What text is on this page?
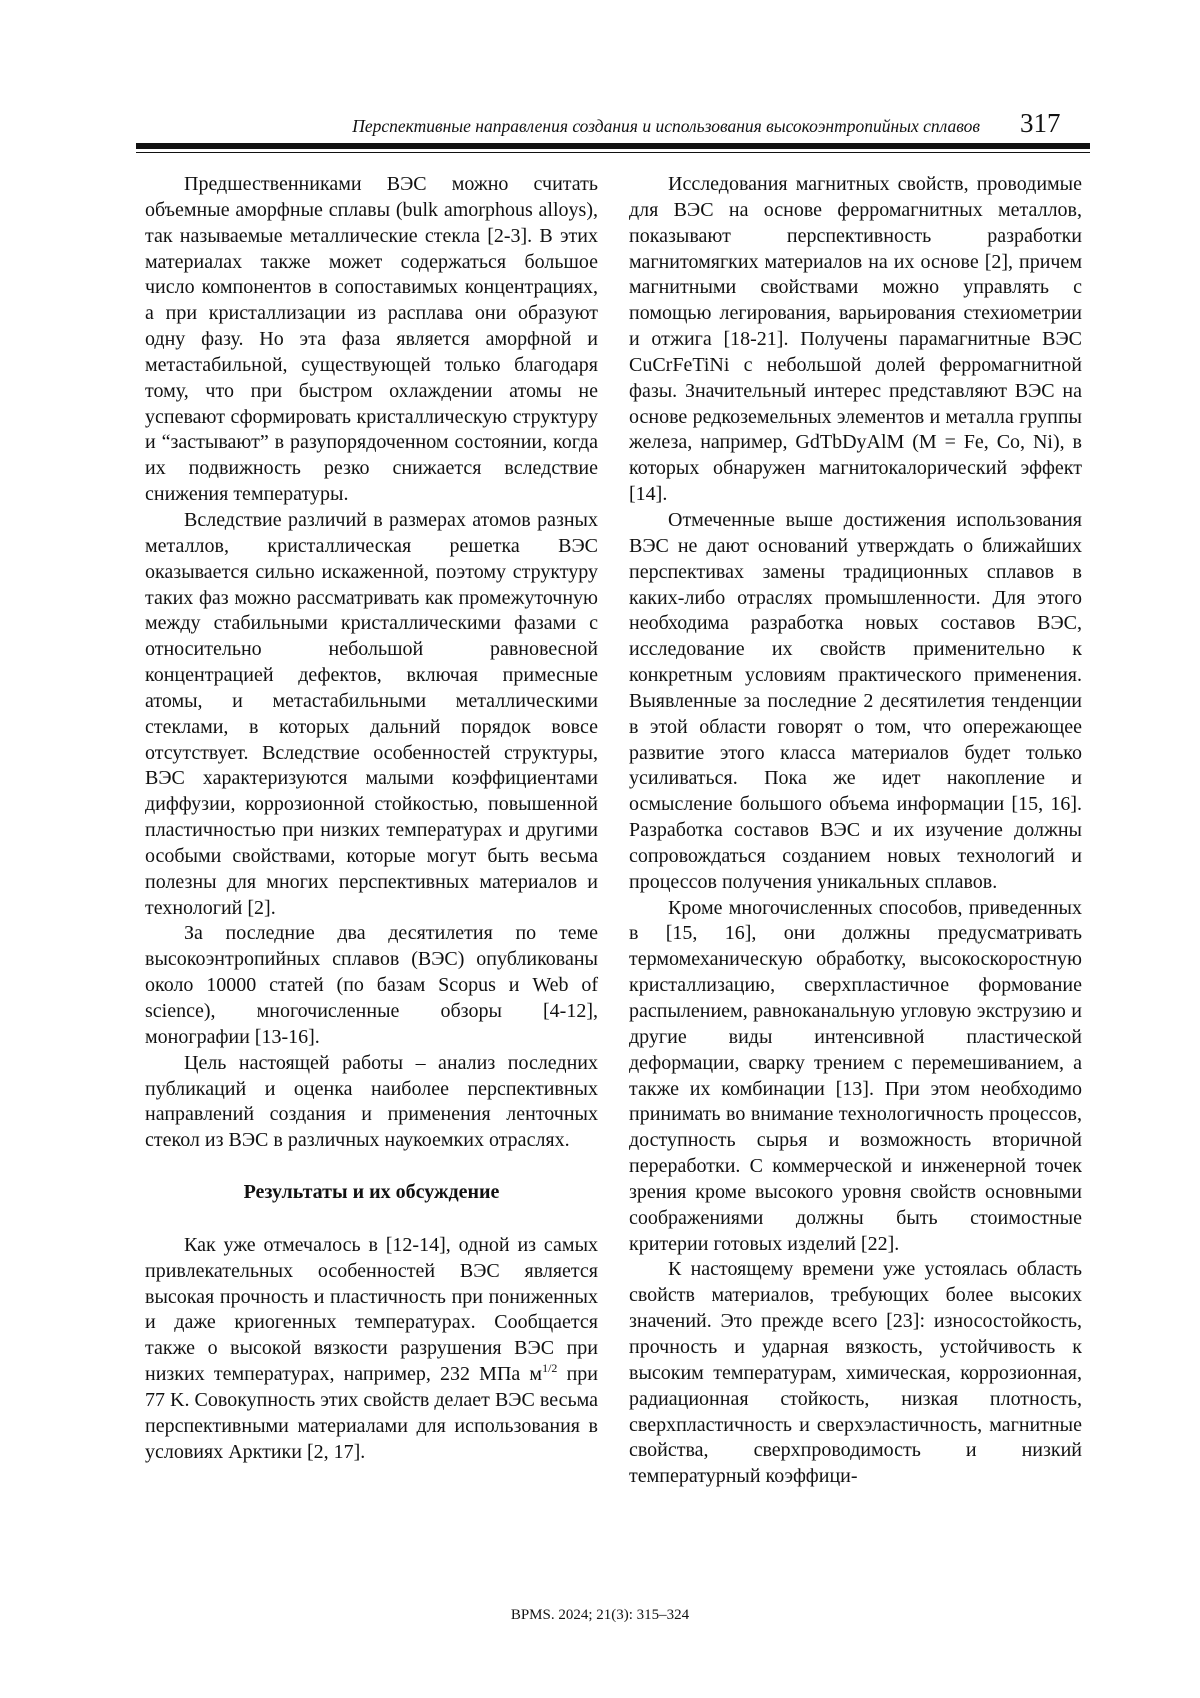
Перспективные направления создания и использования высокоэнтропийных сплавов 317

Предшественниками ВЭС можно считать объемные аморфные сплавы (bulk amorphous alloys), так называемые металлические стекла [2-3]. В этих материалах также может содержаться большое число компонентов в сопоставимых концентрациях, а при кристаллизации из расплава они образуют одну фазу. Но эта фаза является аморфной и метастабильной, существующей только благодаря тому, что при быстром охлаждении атомы не успевают сформировать кристаллическую структуру и “застывают” в разупорядоченном состоянии, когда их подвижность резко снижается вследствие снижения температуры.

Вследствие различий в размерах атомов разных металлов, кристаллическая решетка ВЭС оказывается сильно искаженной, поэтому структуру таких фаз можно рассматривать как промежуточную между стабильными кристаллическими фазами с относительно небольшой равновесной концентрацией дефектов, включая примесные атомы, и метастабильными металлическими стеклами, в которых дальний порядок вовсе отсутствует. Вследствие особенностей структуры, ВЭС характеризуются малыми коэффициентами диффузии, коррозионной стойкостью, повышенной пластичностью при низких температурах и другими особыми свойствами, которые могут быть весьма полезны для многих перспективных материалов и технологий [2].

За последние два десятилетия по теме высокоэнтропийных сплавов (ВЭС) опубликованы около 10000 статей (по базам Scopus и Web of science), многочисленные обзоры [4-12], монографии [13-16].

Цель настоящей работы – анализ последних публикаций и оценка наиболее перспективных направлений создания и применения ленточных стекол из ВЭС в различных наукоемких отраслях.

Результаты и их обсуждение

Как уже отмечалось в [12-14], одной из самых привлекательных особенностей ВЭС является высокая прочность и пластичность при пониженных и даже криогенных температурах. Сообщается также о высокой вязкости разрушения ВЭС при низких температурах, например, 232 МПа $м^{1/2}$ при 77 K. Совокупность этих свойств делает ВЭС весьма перспективными материалами для использования в условиях Арктики [2, 17].

Исследования магнитных свойств, проводимые для ВЭС на основе ферромагнитных металлов, показывают перспективность разработки магнитомягких материалов на их основе [2], причем магнитными свойствами можно управлять с помощью легирования, варьирования стехиометрии и отжига [18-21]. Получены парамагнитные ВЭС CuCrFeTiNi с небольшой долей ферромагнитной фазы. Значительный интерес представляют ВЭС на основе редкоземельных элементов и металла группы железа, например, GdTbDyAlM (M = Fe, Co, Ni), в которых обнаружен магнитокалорический эффект [14].

Отмеченные выше достижения использования ВЭС не дают оснований утверждать о ближайших перспективах замены традиционных сплавов в каких-либо отраслях промышленности. Для этого необходима разработка новых составов ВЭС, исследование их свойств применительно к конкретным условиям практического применения. Выявленные за последние 2 десятилетия тенденции в этой области говорят о том, что опережающее развитие этого класса материалов будет только усиливаться. Пока же идет накопление и осмысление большого объема информации [15, 16]. Разработка составов ВЭС и их изучение должны сопровождаться созданием новых технологий и процессов получения уникальных сплавов.

Кроме многочисленных способов, приведенных в [15, 16], они должны предусматривать термомеханическую обработку, высокоскоростную кристаллизацию, сверхпластичное формование распылением, равноканальную угловую экструзию и другие виды интенсивной пластической деформации, сварку трением с перемешиванием, а также их комбинации [13]. При этом необходимо принимать во внимание технологичность процессов, доступность сырья и возможность вторичной переработки. С коммерческой и инженерной точек зрения кроме высокого уровня свойств основными соображениями должны быть стоимостные критерии готовых изделий [22].

К настоящему времени уже устоялась область свойств материалов, требующих более высоких значений. Это прежде всего [23]: износостойкость, прочность и ударная вязкость, устойчивость к высоким температурам, химическая, коррозионная, радиационная стойкость, низкая плотность, сверхпластичность и сверхэластичность, магнитные свойства, сверхпроводимость и низкий температурный коэффици-

BPMS. 2024; 21(3): 315–324
